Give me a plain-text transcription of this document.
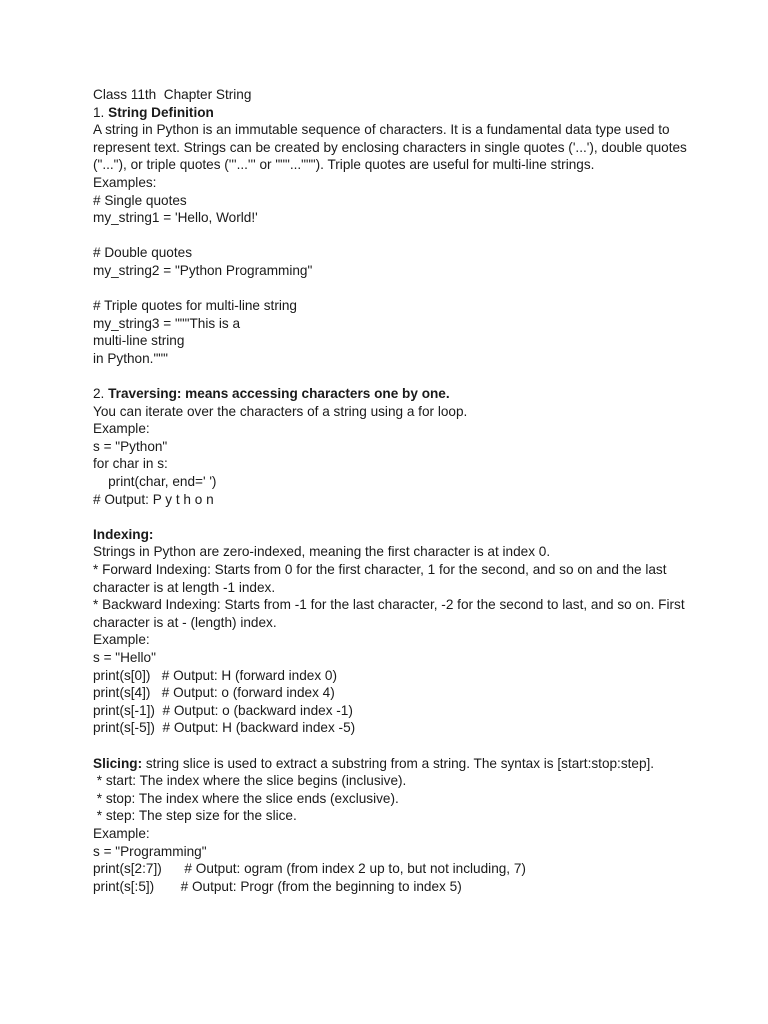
Class 11th  Chapter String
1. String Definition
A string in Python is an immutable sequence of characters. It is a fundamental data type used to represent text. Strings can be created by enclosing characters in single quotes ('...'), double quotes ("..."), or triple quotes ('''...''' or """..."""). Triple quotes are useful for multi-line strings.
Examples:
# Single quotes
my_string1 = 'Hello, World!'
# Double quotes
my_string2 = "Python Programming"
# Triple quotes for multi-line string
my_string3 = """This is a
multi-line string
in Python."""
2. Traversing: means accessing characters one by one.
You can iterate over the characters of a string using a for loop.
Example:
s = "Python"
for char in s:
print(char, end=' ')
# Output: P y t h o n
Indexing:
Strings in Python are zero-indexed, meaning the first character is at index 0.
* Forward Indexing: Starts from 0 for the first character, 1 for the second, and so on and the last character is at length -1 index.
* Backward Indexing: Starts from -1 for the last character, -2 for the second to last, and so on. First character is at - (length) index.
Example:
s = "Hello"
print(s[0])   # Output: H (forward index 0)
print(s[4])   # Output: o (forward index 4)
print(s[-1])  # Output: o (backward index -1)
print(s[-5])  # Output: H (backward index -5)
Slicing: string slice is used to extract a substring from a string. The syntax is [start:stop:step].
* start: The index where the slice begins (inclusive).
* stop: The index where the slice ends (exclusive).
* step: The step size for the slice.
Example:
s = "Programming"
print(s[2:7])      # Output: ogram (from index 2 up to, but not including, 7)
print(s[:5])       # Output: Progr (from the beginning to index 5)
